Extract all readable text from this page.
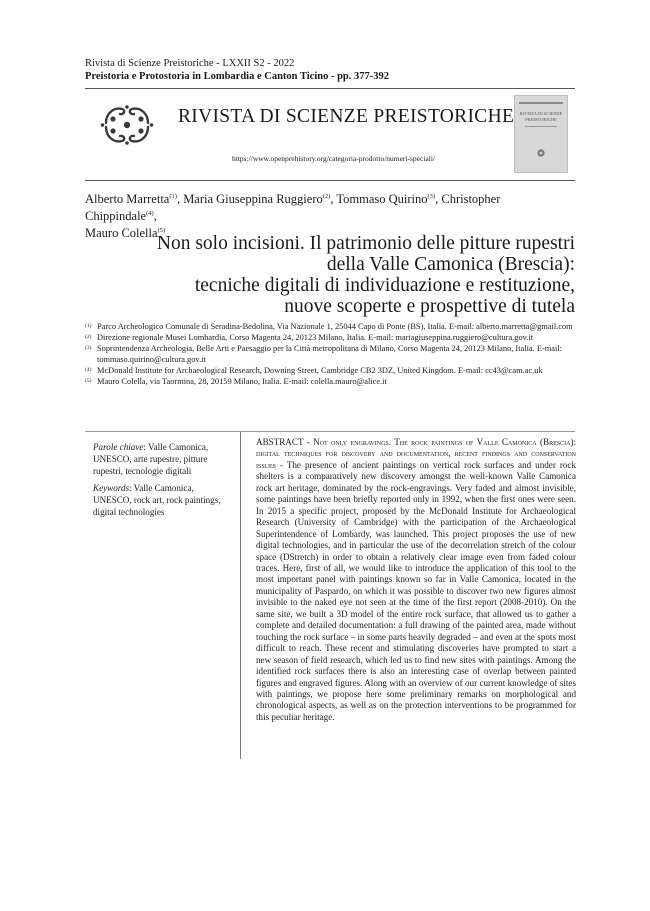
Rivista di Scienze Preistoriche - LXXII S2 - 2022
Preistoria e Protostoria in Lombardia e Canton Ticino - pp. 377-392
RIVISTA DI SCIENZE PREISTORICHE
https://www.openprehistory.org/categoria-prodotto/numeri-speciali/
RIVISTA DI SCIENZE PREISTORICHE
Alberto Marretta$^{(1)}$, Maria Giuseppina Ruggiero$^{(2)}$, Tommaso Quirino$^{(3)}$, Christopher Chippindale$^{(4)}$,
Mauro Colella$^{(5)}$
Non solo incisioni. Il patrimonio delle pitture rupestri
della Valle Camonica (Brescia):
tecniche digitali di individuazione e restituzione,
nuove scoperte e prospettive di tutela
(1) Parco Archeologico Comunale di Seradina-Bedolina, Via Nazionale 1, 25044 Capo di Ponte (BS), Italia. E-mail: alberto.marretta@gmail.com
(2) Direzione regionale Musei Lombardia, Corso Magenta 24, 20123 Milano, Italia. E-mail: mariagiuseppina.ruggiero@cultura.gov.it
(3) Soprintendenza Archeologia, Belle Arti e Paesaggio per la Città metropolitana di Milano, Corso Magenta 24, 20123 Milano, Italia. E-mail: tommaso.quirino@cultura.gov.it
(4) McDonald Institute for Archaeological Research, Downing Street, Cambridge CB2 3DZ, United Kingdom. E-mail: cc43@cam.ac.uk
(5) Mauro Colella, via Taormina, 28, 20159 Milano, Italia. E-mail: colella.mauro@alice.it
Parole chiave: Valle Camonica, UNESCO, arte rupestre, pitture rupestri, tecnologie digitali
Keywords: Valle Camonica, UNESCO, rock art, rock paintings, digital technologies
ABSTRACT - Not only engravings. The rock paintings of Valle Camonica (Brescia): digital techniques for discovery and documentation, recent findings and conservation issues - The presence of ancient paintings on vertical rock surfaces and under rock shelters is a comparatively new discovery amongst the well-known Valle Camonica rock art heritage, dominated by the rock-engravings. Very faded and almost invisible, some paintings have been briefly reported only in 1992, when the first ones were seen. In 2015 a specific project, proposed by the McDonald Institute for Archaeological Research (University of Cambridge) with the participation of the Archaeological Superintendence of Lombardy, was launched. This project proposes the use of new digital technologies, and in particular the use of the decorrelation stretch of the colour space (DStretch) in order to obtain a relatively clear image even from faded colour traces. Here, first of all, we would like to introduce the application of this tool to the most important panel with paintings known so far in Valle Camonica, located in the municipality of Paspardo, on which it was possible to discover two new figures almost invisible to the naked eye not seen at the time of the first report (2008-2010). On the same site, we built a 3D model of the entire rock surface, that allowed us to gather a complete and detailed documentation: a full drawing of the painted area, made without touching the rock surface – in some parts heavily degraded – and even at the spots most difficult to reach. These recent and stimulating discoveries have prompted to start a new season of field research, which led us to find new sites with paintings. Among the identified rock surfaces there is also an interesting case of overlap between painted figures and engraved figures. Along with an overview of our current knowledge of sites with paintings, we propose here some preliminary remarks on morphological and chronological aspects, as well as on the protection interventions to be programmed for this peculiar heritage.
